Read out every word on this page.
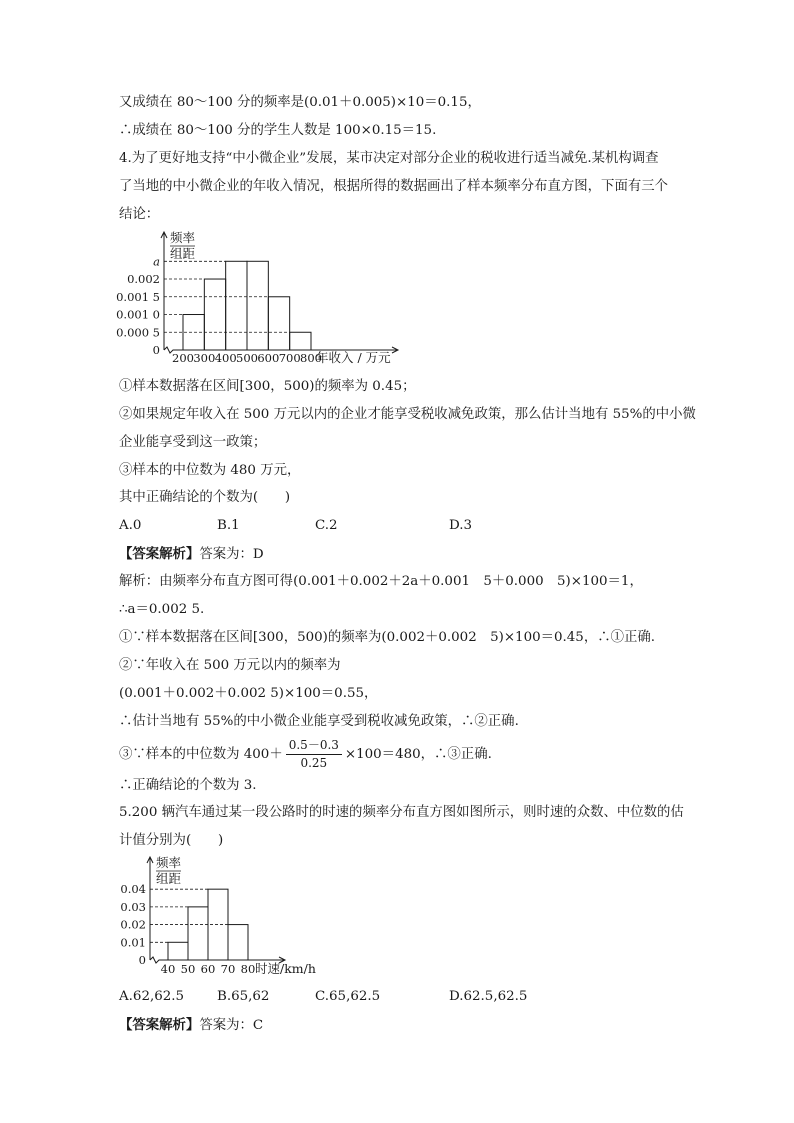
又成绩在 80～100 分的频率是(0.01＋0.005)×10＝0.15，
∴成绩在 80～100 分的学生人数是 100×0.15＝15.
4.为了更好地支持“中小微企业”发展，某市决定对部分企业的税收进行适当减免.某机构调查
了当地的中小微企业的年收入情况，根据所得的数据画出了样本频率分布直方图，下面有三个
结论：
0
频率
组距
0.000 5
0.001 0
0.001 5
0.002
a
200 300 400 500 600 700 800
年收入 / 万元
①样本数据落在区间[300，500)的频率为 0.45；
②如果规定年收入在 500 万元以内的企业才能享受税收减免政策，那么估计当地有 55%的中小微
企业能享受到这一政策；
③样本的中位数为 480 万元，
其中正确结论的个数为(　　)
A.0	B.1	C.2	D.3
【答案解析】答案为：D
解析：由频率分布直方图可得(0.001＋0.002＋2a＋0.001　5＋0.000　5)×100＝1，
∴a＝0.002 5.
①∵样本数据落在区间[300，500)的频率为(0.002＋0.002　5)×100＝0.45，∴①正确.
②∵年收入在 500 万元以内的频率为
(0.001＋0.002＋0.002 5)×100＝0.55，
∴估计当地有 55%的中小微企业能享受到税收减免政策，∴②正确.
③∵样本的中位数为 $400+ \frac{0.5-0.3}{0.25} \times 100=480$，∴③正确.
∴正确结论的个数为 3.
5.200 辆汽车通过某一段公路时的时速的频率分布直方图如图所示，则时速的众数、中位数的估
计值分别为(　　)
0
频率
组距
0.01
0.02
0.03
0.04
40 50 60 70 80 时速/km/h
A.62,62.5 B.65,62	C.65,62.5	D.62.5,62.5
【答案解析】答案为：C
